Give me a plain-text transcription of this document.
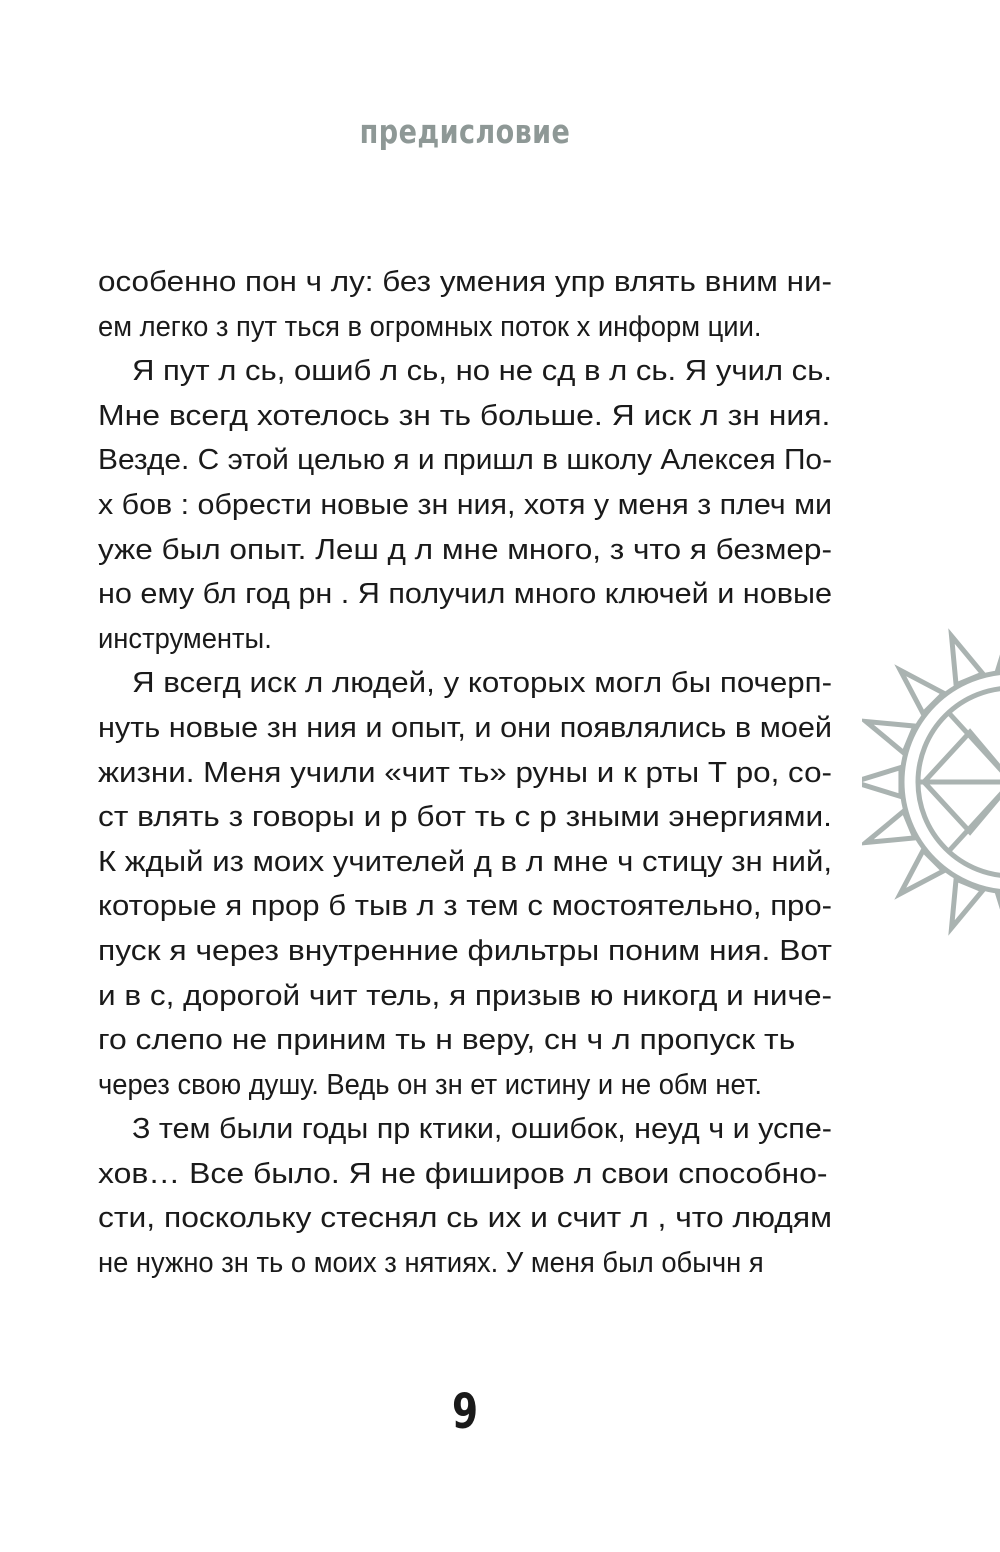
предисловие
особенно пон ч лу: без умения упр влять вним ни-
ем легко з пут ться в огромных поток х информ ции.
Я пут л сь, ошиб л сь, но не сд в л сь. Я учил сь.
Мне всегд хотелось зн ть больше. Я иск л зн ния.
Везде. С этой целью я и пришл в школу Алексея По-
х бов : обрести новые зн ния, хотя у меня з плеч ми
уже был опыт. Леш д л мне много, з что я безмер-
но ему бл год рн . Я получил много ключей и новые
инструменты.
Я всегд иск л людей, у которых могл бы почерп-
нуть новые зн ния и опыт, и они появлялись в моей
жизни. Меня учили «чит ть» руны и к рты Т ро, со-
ст влять з говоры и р бот ть с р зными энергиями.
К ждый из моих учителей д в л мне ч стицу зн ний,
которые я прор б тыв л з тем с мостоятельно, про-
пуск я через внутренние фильтры поним ния. Вот
и в с, дорогой чит тель, я призыв ю никогд и ниче-
го слепо не приним ть н веру, сн ч л пропуск ть
через свою душу. Ведь он зн ет истину и не обм нет.
З тем были годы пр ктики, ошибок, неуд ч и успе-
хов… Все было. Я не фиширов л свои способно-
сти, поскольку стеснял сь их и счит л , что людям
не нужно зн ть о моих з нятиях. У меня был обычн я
9
